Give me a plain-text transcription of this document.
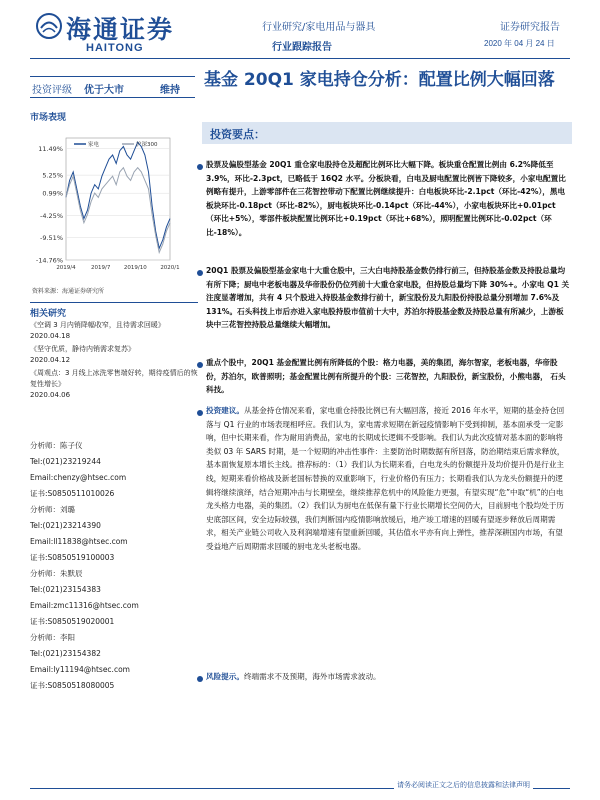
海通证券
HAITONG
行业研究/家电用品与器具
行业跟踪报告
证券研究报告
2020 年 04 月 24 日
投资评级 优于大市	维持
基金 20Q1 家电持仓分析：配置比例大幅回落
投资要点：
市场表现
11.49%
5.25%
0.99%
-4.25%
-9.51%
-14.76%
2019/4	2019/7 2019/10 2020/1
家电	沪深300
资料来源：海通证券研究所
相关研究
《空调 3 月内销降幅收窄，且待需求回暖》
2020.04.18
《坚守优质，静待内销需求复苏》
2020.04.12
《周观点：3 月线上冰洗零售端好转，期待疫情后的恢复性增长》
2020.04.06
分析师：陈子仪
Tel:(021)23219244
Email:chenzy@htsec.com
证书:S0850511010026
分析师：刘璐
Tel:(021)23214390
Email:ll11838@htsec.com
证书:S0850519100003
分析师：朱默辰
Tel:(021)23154383
Email:zmc11316@htsec.com
证书:S0850519020001
分析师：李阳
Tel:(021)23154382
Email:ly11194@htsec.com
证书:S0850518080005
股票及偏股型基金 20Q1 重仓家电股持仓及超配比例环比大幅下降。板块重仓配置比例由 6.2%降低至 3.9%，环比-2.3pct，已略低于 16Q2 水平。分板块看，白电及厨电配置比例皆下降较多，小家电配置比例略有提升，上游零部件在三花智控带动下配置比例继续提升：白电板块环比-2.1pct（环比-42%），黑电板块环比-0.18pct（环比-82%），厨电板块环比-0.14pct（环比-44%），小家电板块环比+0.01pct（环比+5%），零部件板块配置比例环比+0.19pct（环比+68%），照明配置比例环比-0.02pct（环比-18%）。
20Q1 股票及偏股型基金家电十大重仓股中，三大白电持股基金数仍排行前三，但持股基金数及持股总量均有所下降；厨电中老板电器及华帝股份仍位列前十大重仓家电股，但持股总量均下降 30%+。小家电 Q1 关注度显著增加，共有 4 只个股进入持股基金数排行前十，新宝股份及九阳股份持股总量分别增加 7.6%及 131%。石头科技上市后亦进入家电股持股市值前十大中，苏泊尔持股基金数及持股总量有所减少，上游板块中三花智控持股总量继续大幅增加。
重点个股中，20Q1 基金配置比例有所降低的个股：格力电器，美的集团，海尔智家，老板电器，华帝股份，苏泊尔，欧普照明；基金配置比例有所提升的个股：三花智控，九阳股份，新宝股份，小熊电器， 石头科技。
投资建议。从基金持仓情况来看，家电重仓持股比例已有大幅回落，接近 2016 年水平，短期的基金持仓回落与 Q1 行业的市场表现相呼应。我们认为，家电需求短期在新冠疫情影响下受到抑制，基本面承受一定影响，但中长期来看，作为耐用消费品，家电的长期成长逻辑不受影响。我们认为此次疫情对基本面的影响将类似 03 年 SARS 时期，是一个短期的冲击性事件：主要防治时期数据有所回落，防治期结束后需求释放，基本面恢复原本增长主线。推荐标的：（1）我们认为长期来看，白电龙头的份额提升及均价提升仍是行业主线，短期来看价格战及新老国标替换的双重影响下，行业价格仍有压力；长期看我们认为龙头份额提升的逻辑将继续演绎，结合短期冲击与长期壁垒，继续推荐危机中的风险能力更强，有望实现“危”中取“机”的白电龙头格力电器，美的集团。（2）我们认为厨电在低保有量下行业长期增长空间仍大，目前厨电个股均处于历史底部区间，安全边际较强，我们判断国内疫情影响放缓后，地产竣工增速的回暖有望逐步释放后周期需求，相关产业链公司收入及利润端增速有望重新回暖，其估值水平亦有向上弹性，推荐深耕国内市场，有望受益地产后周期需求回暖的厨电龙头老板电器。
风险提示。终端需求不及预期，海外市场需求波动。
请务必阅读正文之后的信息披露和法律声明
